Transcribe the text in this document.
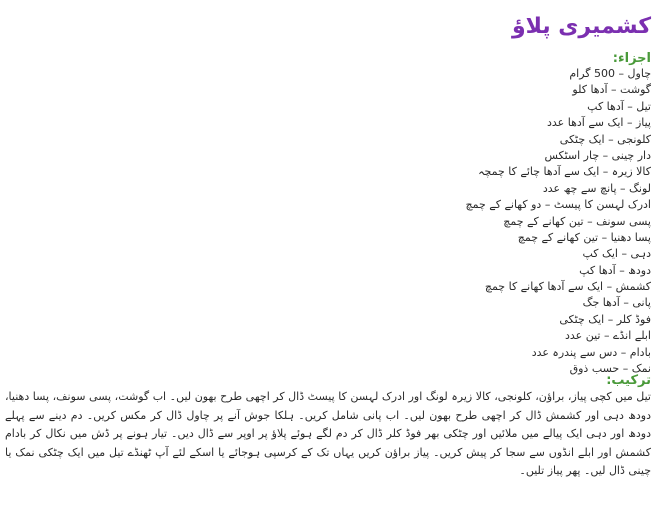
کشمیری پلاؤ
اجزاء:
چاول – 500 گرام
گوشت – آدھا کلو
تیل – آدھا کپ
پیاز – ایک سے آدھا عدد
کلونجی – ایک چٹکی
دار چینی – چار اسٹکس
کالا زیرہ – ایک سے آدھا چائے کا چمچہ
لونگ – پانچ سے چھ عدد
ادرک لہسن کا پیسٹ – دو کھانے کے چمچ
پسی سونف – تین کھانے کے چمچ
پسا دھنیا – تین کھانے کے چمچ
دہی – ایک کپ
دودھ – آدھا کپ
کشمش – ایک سے آدھا کھانے کا چمچ
پانی – آدھا جگ
فوڈ کلر – ایک چٹکی
ابلے انڈے – تین عدد
بادام – دس سے پندرہ عدد
نمک – حسب ذوق
ترکیب:

تیل میں کچی پیاز، براؤن، کلونجی، کالا زیرہ لونگ اور ادرک لہسن کا پیسٹ ڈال کر اچھی طرح بھون لیں۔ اب گوشت، پسی سونف، پسا دھنیا، دودھ دہی اور کشمش ڈال کر اچھی طرح بھون لیں۔ اب پانی شامل کریں۔ ہلکا جوش آنے پر چاول ڈال کر مکس کریں۔ دم دینے سے پہلے دودھ اور دہی ایک پیالے میں ملائیں اور چٹکی بھر فوڈ کلر ڈال کر دم لگے ہوئے پلاؤ پر اوپر سے ڈال دیں۔ تیار ہونے پر ڈش میں نکال کر بادام کشمش اور ابلے انڈوں سے سجا کر پیش کریں۔ پیاز براؤن کریں یہاں تک کے کرسپی ہوجائے یا اسکے لئے آپ ٹھنڈے تیل میں ایک چٹکی نمک یا چینی ڈال لیں۔ پھر پیاز تلیں۔
